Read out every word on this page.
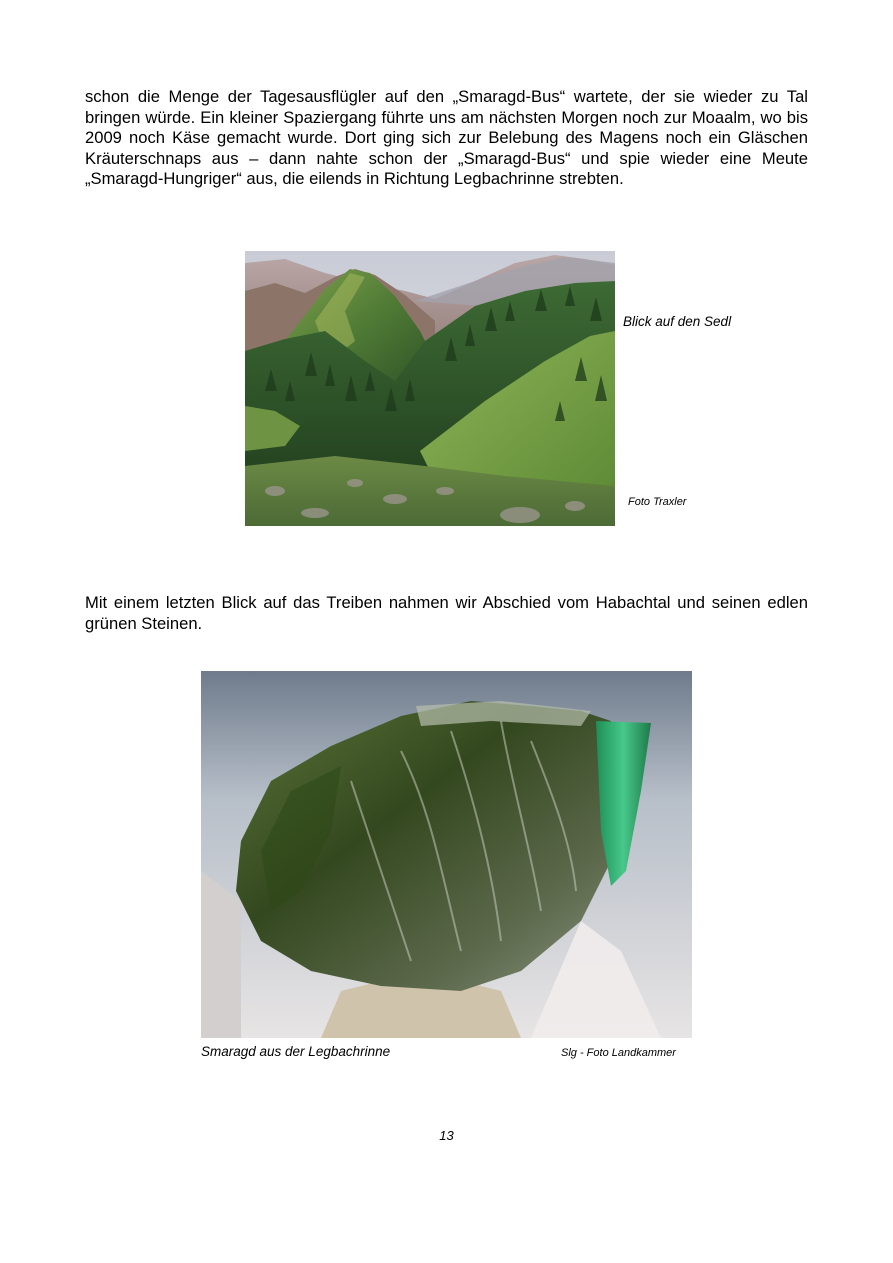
schon die Menge der Tagesausflügler auf den „Smaragd-Bus“ wartete, der sie wieder zu Tal bringen würde. Ein kleiner Spaziergang führte uns am nächsten Morgen noch zur Moaalm, wo bis 2009 noch Käse gemacht wurde. Dort ging sich zur Belebung des Magens noch ein Gläschen Kräuterschnaps aus – dann nahte schon der „Smaragd-Bus“ und spie wieder eine Meute „Smaragd-Hungriger“ aus, die eilends in Richtung Legbachrinne strebten.

Blick auf den Sedl

Foto Traxler

Mit einem letzten Blick auf das Treiben nahmen wir Abschied vom Habachtal und seinen edlen grünen Steinen.

Smaragd aus der Legbachrinne	Slg - Foto Landkammer

13
